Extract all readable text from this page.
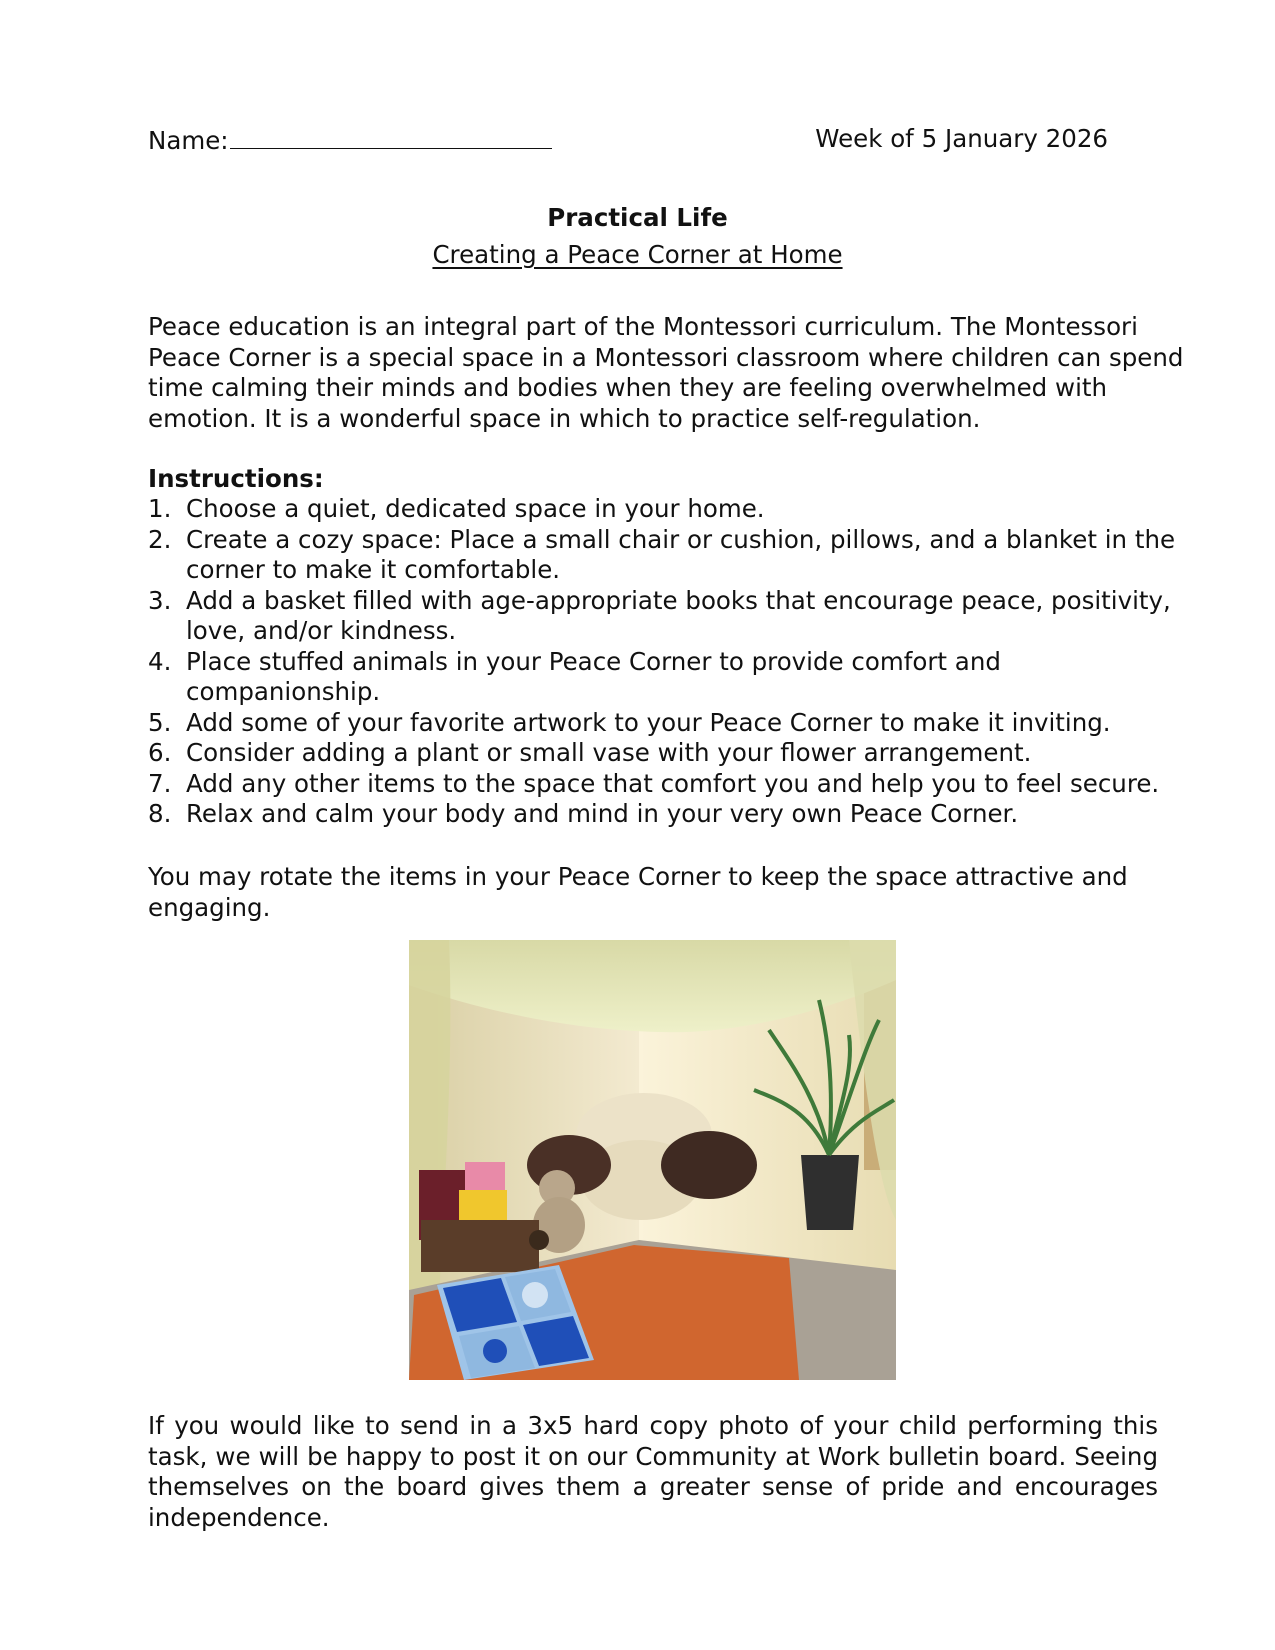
Name:	Week of 5 January 2026
Practical Life
Creating a Peace Corner at Home

Peace education is an integral part of the Montessori curriculum. The Montessori Peace Corner is a special space in a Montessori classroom where children can spend time calming their minds and bodies when they are feeling overwhelmed with emotion. It is a wonderful space in which to practice self-regulation.

Instructions:
1. Choose a quiet, dedicated space in your home.
2. Create a cozy space: Place a small chair or cushion, pillows, and a blanket in the corner to make it comfortable.
3. Add a basket filled with age-appropriate books that encourage peace, positivity, love, and/or kindness.
4. Place stuffed animals in your Peace Corner to provide comfort and companionship.
5. Add some of your favorite artwork to your Peace Corner to make it inviting.
6. Consider adding a plant or small vase with your flower arrangement.
7. Add any other items to the space that comfort you and help you to feel secure.
8. Relax and calm your body and mind in your very own Peace Corner.

You may rotate the items in your Peace Corner to keep the space attractive and engaging.

If you would like to send in a 3x5 hard copy photo of your child performing this task, we will be happy to post it on our Community at Work bulletin board. Seeing themselves on the board gives them a greater sense of pride and encourages independence.
